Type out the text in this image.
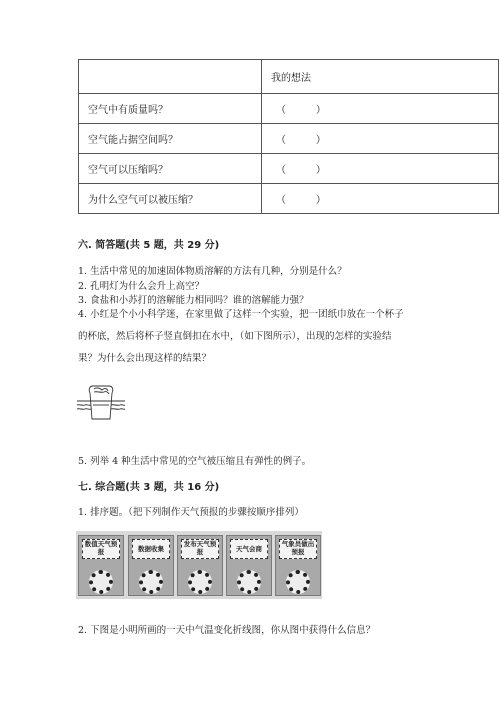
	我的想法
空气中有质量吗？	（        ）
空气能占据空间吗？	（        ）
空气可以压缩吗？	（        ）
为什么空气可以被压缩？	（        ）
六. 简答题(共 5 题，共 29 分)
1. 生活中常见的加速固体物质溶解的方法有几种，分别是什么？
2. 孔明灯为什么会升上高空？
3. 食盐和小苏打的溶解能力相同吗？谁的溶解能力强？
4. 小红是个小小科学迷，在家里做了这样一个实验，把一团纸巾放在一个杯子
的杯底，然后将杯子竖直倒扣在水中，（如下图所示），出现的怎样的实验结
果？为什么会出现这样的结果？
5. 列举 4 种生活中常见的空气被压缩且有弹性的例子。
七. 综合题(共 3 题，共 16 分)
1. 排序题。（把下列制作天气预报的步骤按顺序排列）
数值天气预报	数据收集
发布天气预报	天气会商
气象员做出预报
2. 下图是小明所画的一天中气温变化折线图，你从图中获得什么信息？
